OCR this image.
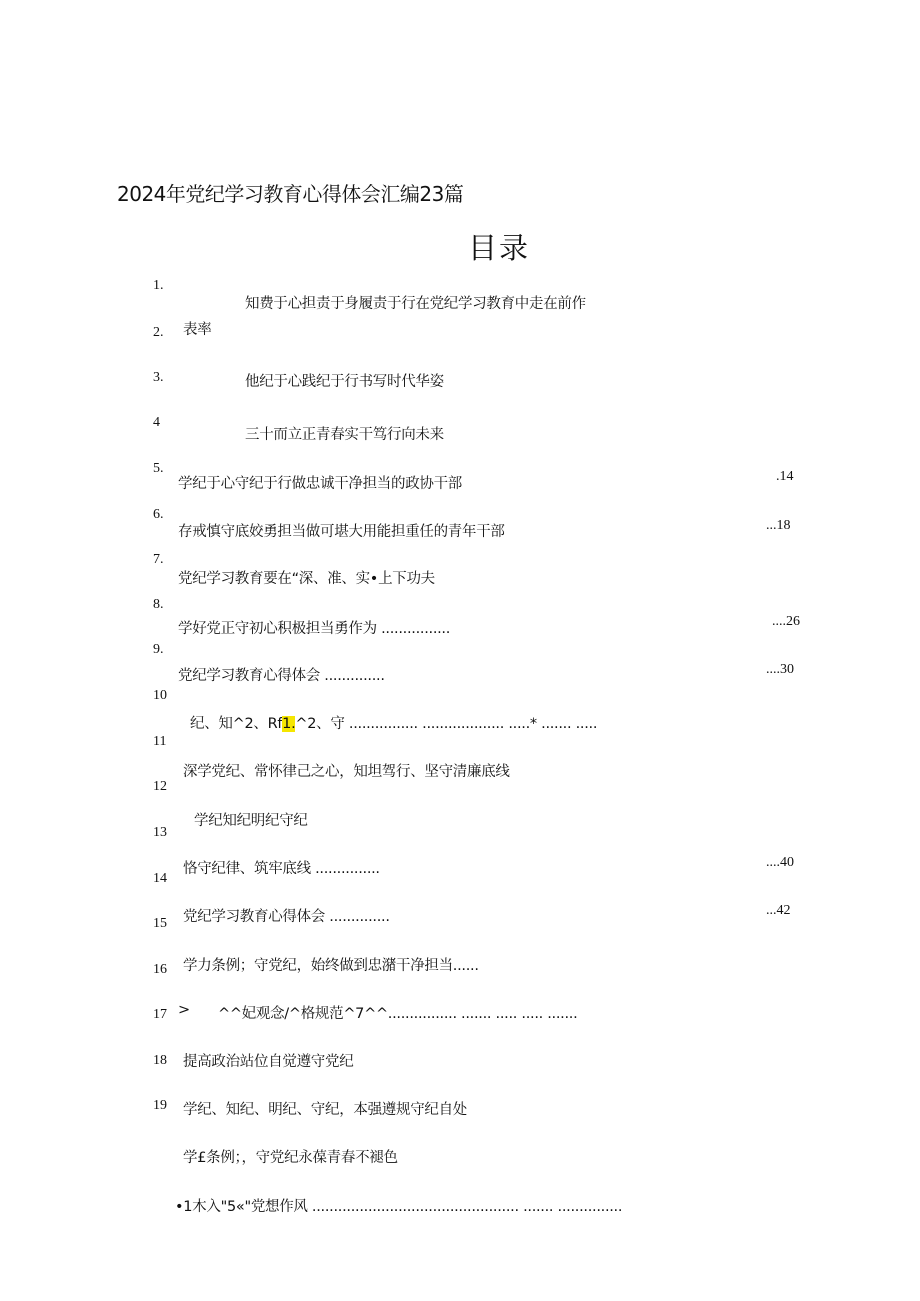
2024年党纪学习教育心得体会汇编23篇
目录
1.
2.
3.
4
5.
6.
7.
8.
9.
10
11
12
13
14
15
16
17
18
19
知费于心担责于身履责于行在党纪学习教育中走在前作
表率
他纪于心践纪于行书写时代华姿
三十而立正青春实干笃行向未来
学纪于心守纪于行做忠诚干净担当的政协干部
存戒慎守底姣勇担当做可堪大用能担重任的青年干部
党纪学习教育要在“深、准、实•上下功夫
学好党正守初心积极担当勇作为 ................
党纪学习教育心得体会 ..............
纪、知^2、Rf1.^2、守 ................ ................... .....* ....... .....
深学党纪、常怀律己之心，知坦驾行、坚守清廉底线
学纪知纪明纪守纪
恪守纪律、筑牢底线 ...............
党纪学习教育心得体会 ..............
学力条例；守党纪，始终做到忠潴干净担当......
> ^^妃观念/^格规范^7^^................ ....... ..... ..... .......
提高政治站位自觉遵守党纪
学纪、知纪、明纪、守纪，本强遵规守纪自处
学£条例；，守党纪永葆青春不褪色
•1木入"5«"党想作风 ................................................ ....... ...............
.14
...18
....26
....30
....40
...42
